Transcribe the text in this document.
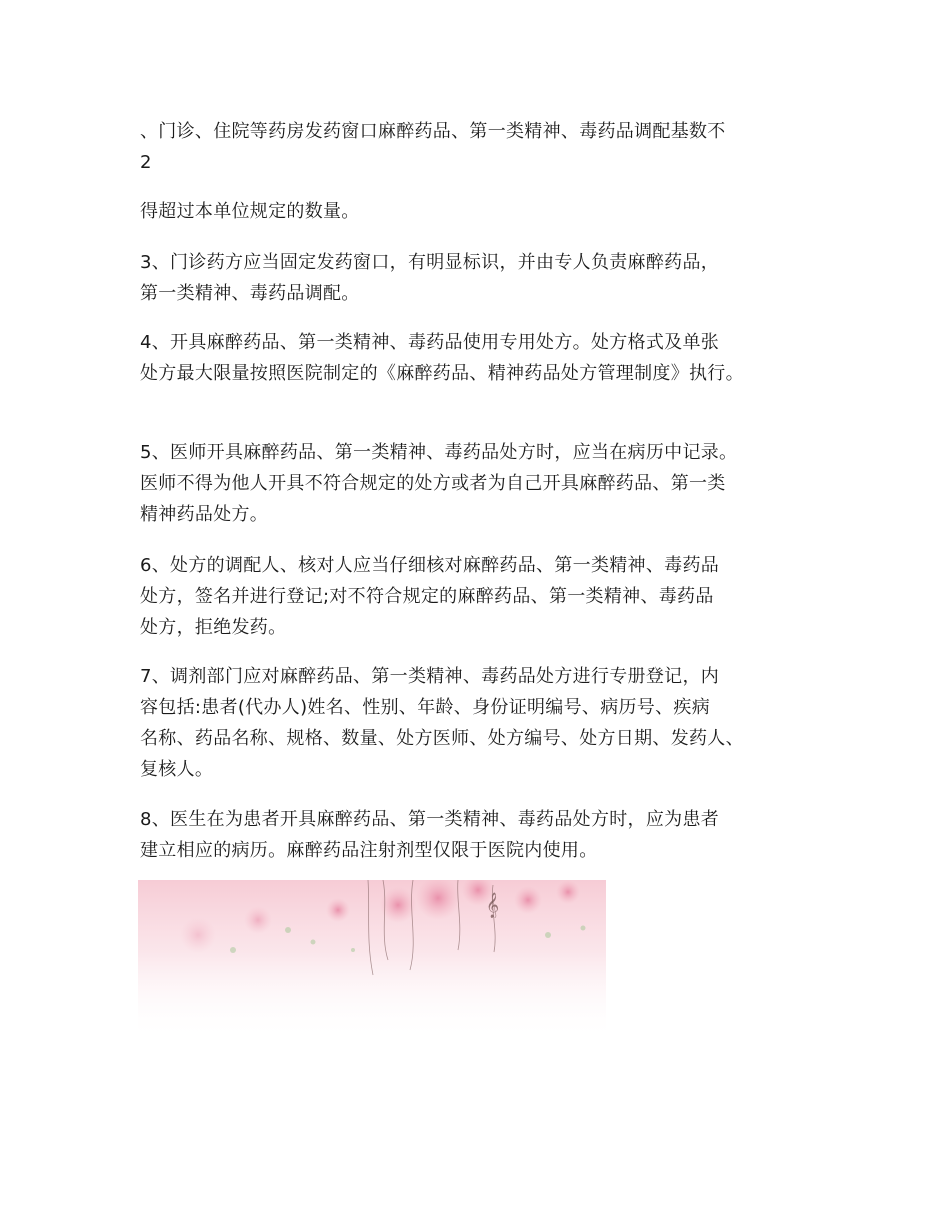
、门诊、住院等药房发药窗口麻醉药品、第一类精神、毒药品调配基数不
2
得超过本单位规定的数量。
3、门诊药方应当固定发药窗口，有明显标识，并由专人负责麻醉药品，
第一类精神、毒药品调配。
4、开具麻醉药品、第一类精神、毒药品使用专用处方。处方格式及单张
处方最大限量按照医院制定的《麻醉药品、精神药品处方管理制度》执行。
5、医师开具麻醉药品、第一类精神、毒药品处方时，应当在病历中记录。
医师不得为他人开具不符合规定的处方或者为自己开具麻醉药品、第一类
精神药品处方。
6、处方的调配人、核对人应当仔细核对麻醉药品、第一类精神、毒药品
处方，签名并进行登记;对不符合规定的麻醉药品、第一类精神、毒药品
处方，拒绝发药。
7、调剂部门应对麻醉药品、第一类精神、毒药品处方进行专册登记，内
容包括:患者(代办人)姓名、性别、年龄、身份证明编号、病历号、疾病
名称、药品名称、规格、数量、处方医师、处方编号、处方日期、发药人、
复核人。
8、医生在为患者开具麻醉药品、第一类精神、毒药品处方时，应为患者
建立相应的病历。麻醉药品注射剂型仅限于医院内使用。
𝄞
